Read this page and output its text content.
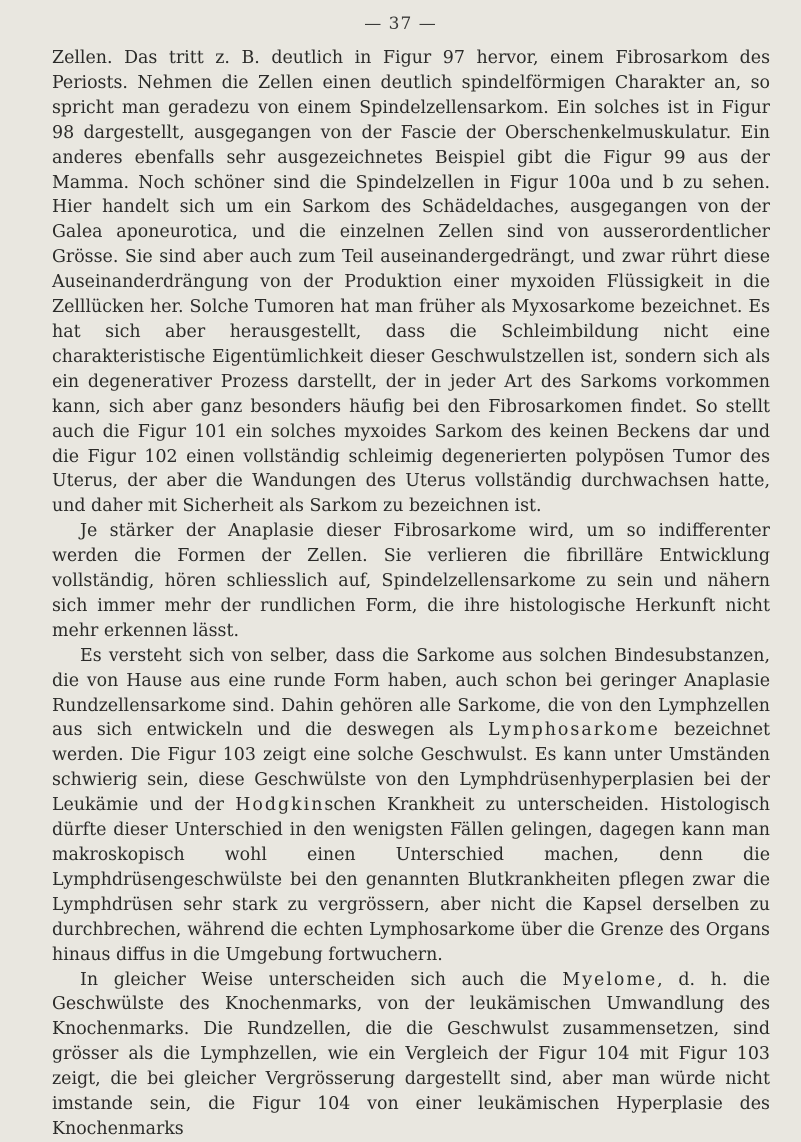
— 37 —

Zellen. Das tritt z. B. deutlich in Figur 97 hervor, einem Fibrosarkom des Periosts. Nehmen die Zellen einen deutlich spindelförmigen Charakter an, so spricht man geradezu von einem Spindelzellensarkom. Ein solches ist in Figur 98 dargestellt, ausgegangen von der Fascie der Oberschenkelmuskulatur. Ein anderes ebenfalls sehr ausgezeichnetes Beispiel gibt die Figur 99 aus der Mamma. Noch schöner sind die Spindelzellen in Figur 100a und b zu sehen. Hier handelt sich um ein Sarkom des Schädeldaches, ausgegangen von der Galea aponeurotica, und die einzelnen Zellen sind von ausserordentlicher Grösse. Sie sind aber auch zum Teil auseinandergedrängt, und zwar rührt diese Auseinanderdrängung von der Produktion einer myxoiden Flüssigkeit in die Zelllücken her. Solche Tumoren hat man früher als Myxosarkome bezeichnet. Es hat sich aber herausgestellt, dass die Schleimbildung nicht eine charakteristische Eigentümlichkeit dieser Geschwulstzellen ist, sondern sich als ein degenerativer Prozess darstellt, der in jeder Art des Sarkoms vorkommen kann, sich aber ganz besonders häufig bei den Fibrosarkomen findet. So stellt auch die Figur 101 ein solches myxoides Sarkom des keinen Beckens dar und die Figur 102 einen vollständig schleimig degenerierten polypösen Tumor des Uterus, der aber die Wandungen des Uterus vollständig durchwachsen hatte, und daher mit Sicherheit als Sarkom zu bezeichnen ist.

Je stärker der Anaplasie dieser Fibrosarkome wird, um so indifferenter werden die Formen der Zellen. Sie verlieren die fibrilläre Entwicklung vollständig, hören schliesslich auf, Spindelzellensarkome zu sein und nähern sich immer mehr der rundlichen Form, die ihre histologische Herkunft nicht mehr erkennen lässt.

Es versteht sich von selber, dass die Sarkome aus solchen Bindesubstanzen, die von Hause aus eine runde Form haben, auch schon bei geringer Anaplasie Rundzellensarkome sind. Dahin gehören alle Sarkome, die von den Lymphzellen aus sich entwickeln und die deswegen als Lymphosarkome bezeichnet werden. Die Figur 103 zeigt eine solche Geschwulst. Es kann unter Umständen schwierig sein, diese Geschwülste von den Lymphdrüsenhyperplasien bei der Leukämie und der Hodgkinschen Krankheit zu unterscheiden. Histologisch dürfte dieser Unterschied in den wenigsten Fällen gelingen, dagegen kann man makroskopisch wohl einen Unterschied machen, denn die Lymphdrüsengeschwülste bei den genannten Blutkrankheiten pflegen zwar die Lymphdrüsen sehr stark zu vergrössern, aber nicht die Kapsel derselben zu durchbrechen, während die echten Lymphosarkome über die Grenze des Organs hinaus diffus in die Umgebung fortwuchern.

In gleicher Weise unterscheiden sich auch die Myelome, d. h. die Geschwülste des Knochenmarks, von der leukämischen Umwandlung des Knochenmarks. Die Rundzellen, die die Geschwulst zusammensetzen, sind grösser als die Lymphzellen, wie ein Vergleich der Figur 104 mit Figur 103 zeigt, die bei gleicher Vergrösserung dargestellt sind, aber man würde nicht imstande sein, die Figur 104 von einer leukämischen Hyperplasie des Knochenmarks
